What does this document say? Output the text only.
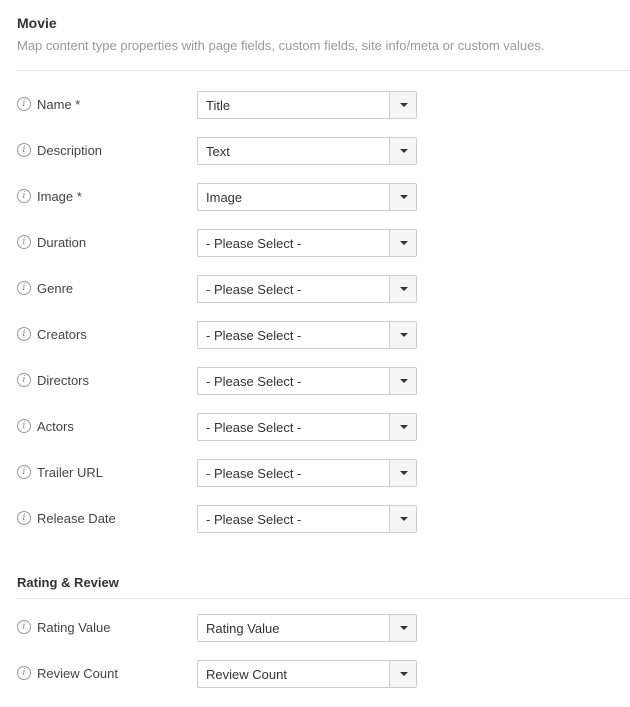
Movie

Map content type properties with page fields, custom fields, site info/meta or custom values.

i Name *	Title
i Description	Text
i Image *	Image
i Duration	- Please Select -
i Genre	- Please Select -
i Creators	- Please Select -
i Directors	- Please Select -
i Actors	- Please Select -
i Trailer URL	- Please Select -
i Release Date	- Please Select -
Rating & Review
i Rating Value	Rating Value
i Review Count	Review Count
